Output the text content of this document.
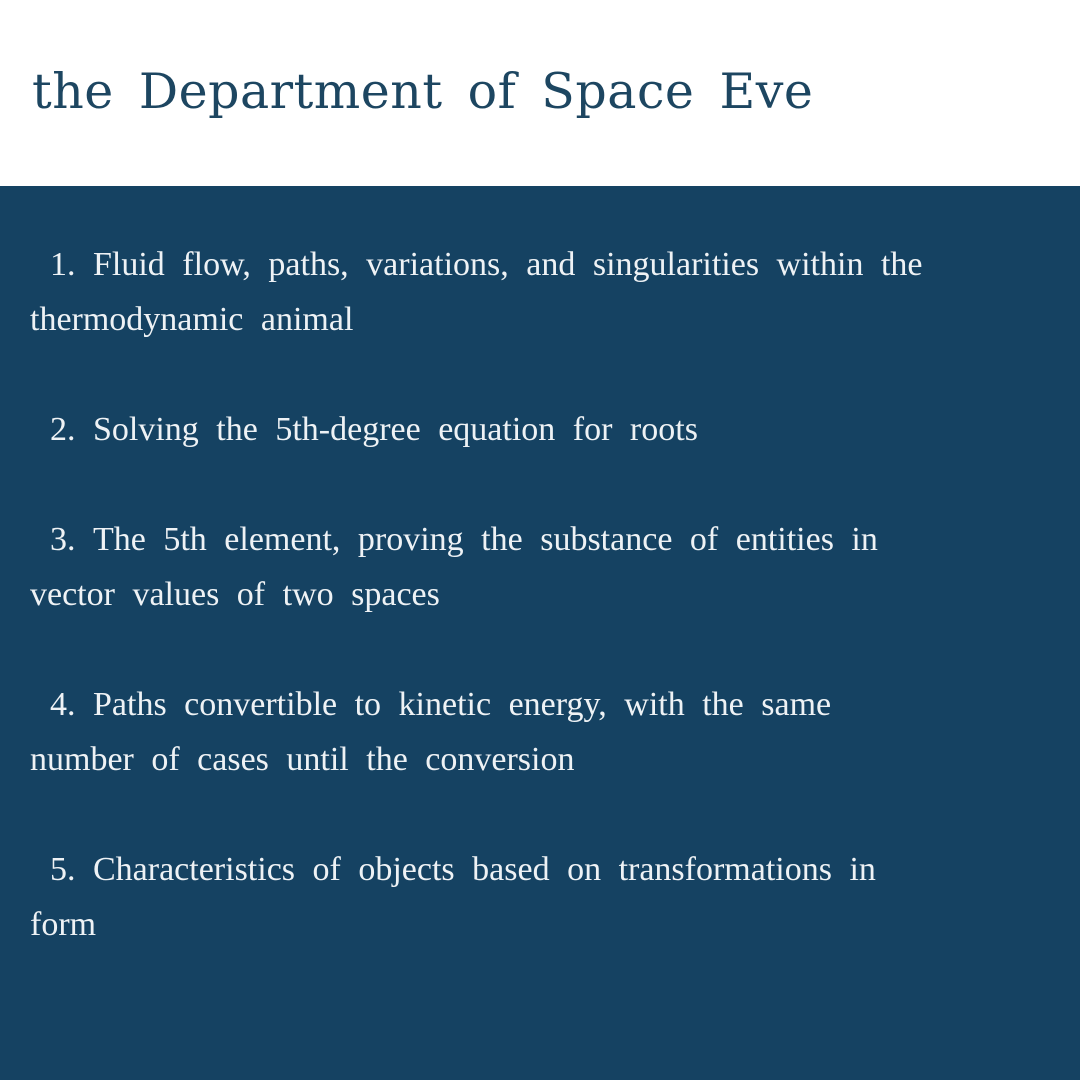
the Department of Space Eve

1. Fluid flow, paths, variations, and singularities within the
thermodynamic animal

2. Solving the 5th-degree equation for roots

3. The 5th element, proving the substance of entities in
vector values of two spaces

4. Paths convertible to kinetic energy, with the same
number of cases until the conversion

5. Characteristics of objects based on transformations in
form
